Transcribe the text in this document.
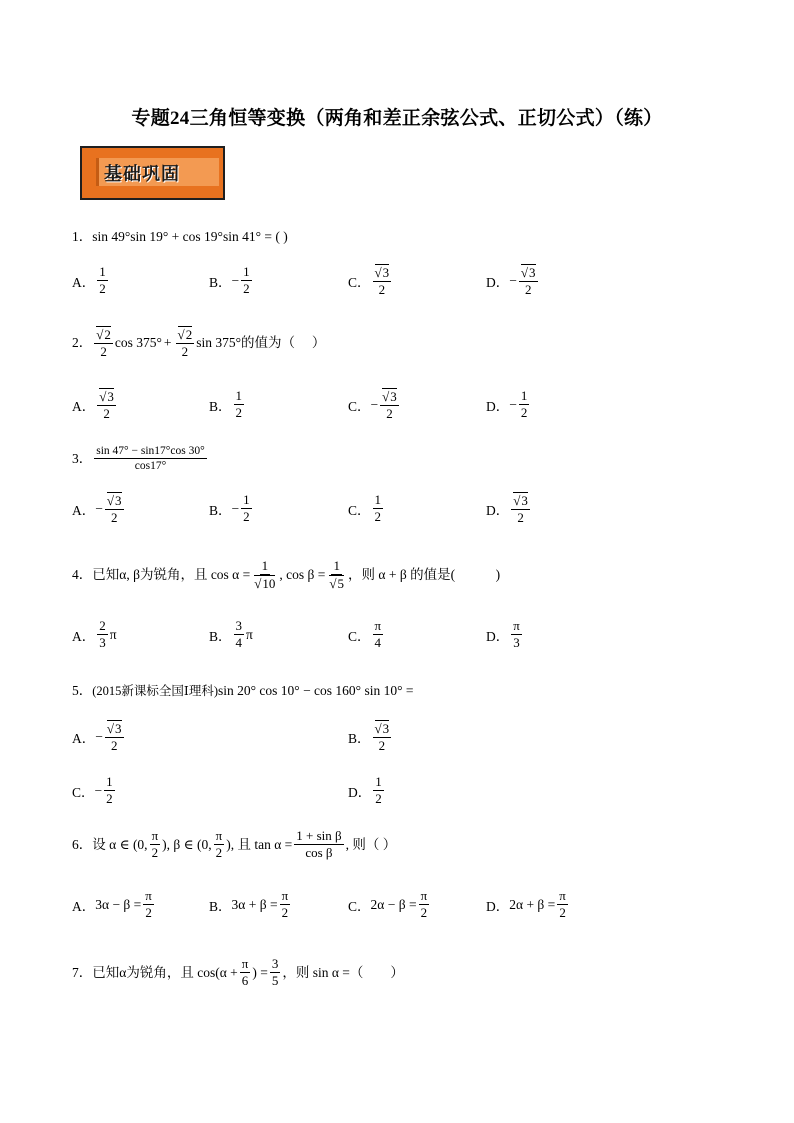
专题24三角恒等变换（两角和差正余弦公式、正切公式）（练）
基础巩固
1．sin 49°sin 19° + cos 19°sin 41° = ( )
A． $\frac{1}{2}$	B． − $\frac{1}{2}$	C． √ $\frac{3}{2}$	D． − √ $\frac{3}{2}$
2． √ $\frac{2}{2}$ cos 375° + √ $\frac{2}{2}$ sin 375°的值为（　 ）
A． √ $\frac{3}{2}$	B． $\frac{1}{2}$	C． − √ $\frac{3}{2}$	D． − $\frac{1}{2}$
3． $\frac{\sin 47^\circ - \sin 17^\circ\cos 30^\circ}{\cos 17^\circ}$
A． − √ $\frac{3}{2}$	B． − $\frac{1}{2}$	C． $\frac{1}{2}$	D． √ $\frac{3}{2}$
4． 已知α, β为锐角，且 cos α = 1
√ 10 , cos β = 1
√ 5 ，则 α + β 的值是(　　　)
A． $\frac{2}{3}$ π	B． $\frac{3}{4}$ π	C． $\frac{\pi}{4}$	D． $\frac{\pi}{3}$
5．(2015新课标全国Ⅰ理科)sin 20° cos 10° − cos 160° sin 10° =
A． − √ $\frac{3}{2}$	B． √ $\frac{3}{2}$
C． − $\frac{1}{2}$	D． $\frac{1}{2}$
6． 设 α ∈ (0, $\frac{\pi}{2}$ ), β ∈ (0, $\frac{\pi}{2}$ ), 且 $\tan \alpha = \frac{\text{1 + sin β}}{\text{cos β}}$ , 则（ ）
A． $3\alpha - \beta = \frac{\pi}{2}$	B． $3\alpha + \beta = \frac{\pi}{2}$	C． $2\alpha - \beta = \frac{\pi}{2}$	D． $2\alpha + \beta = \frac{\pi}{2}$
7． 已知α为锐角，且 $\cos(\alpha + \frac{\pi}{6}$ ) = $\frac{3}{5}$ ，则 sin α =（　　）
